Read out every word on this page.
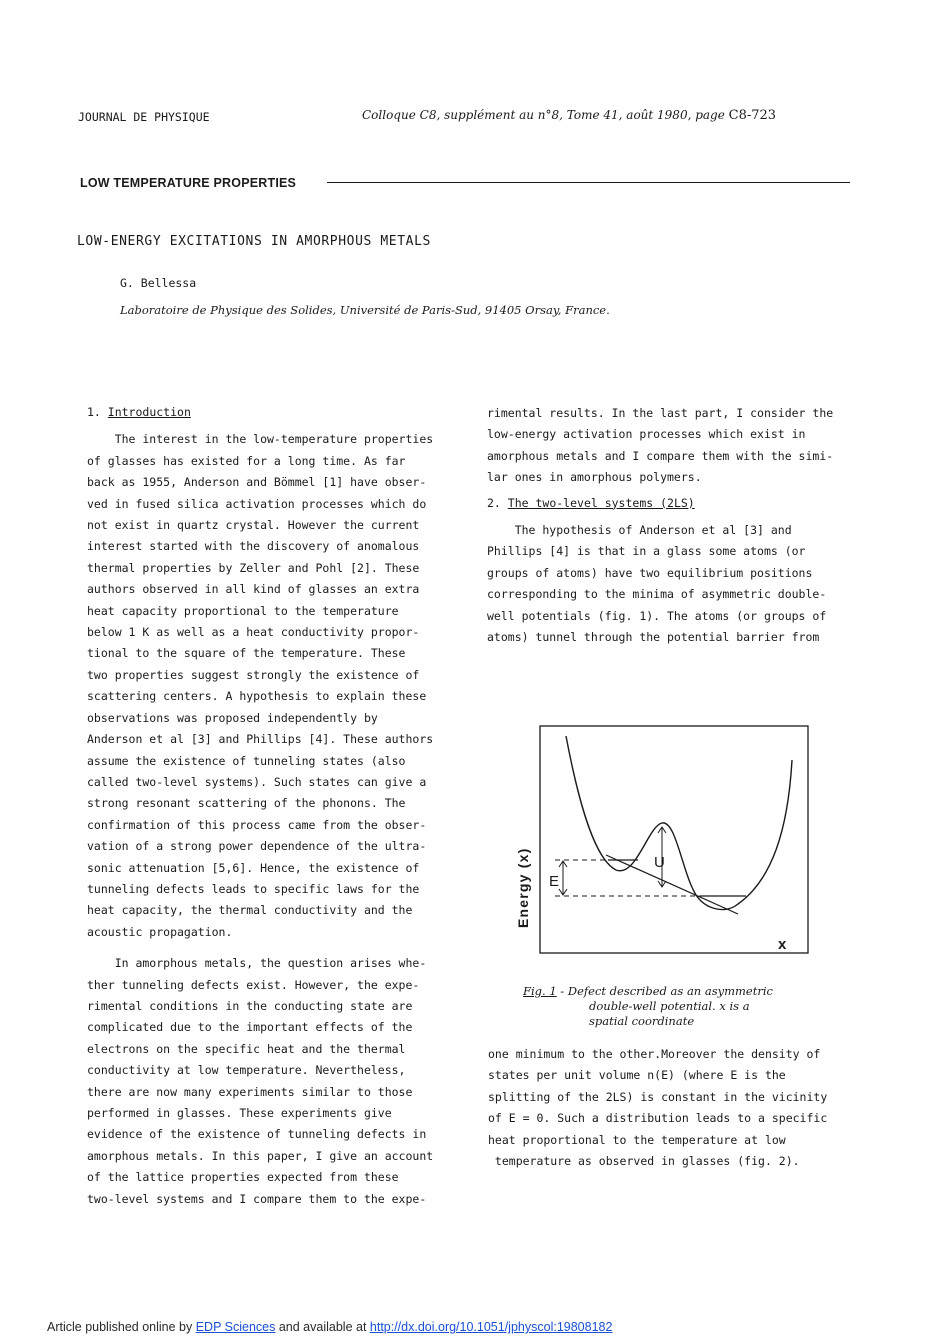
JOURNAL DE PHYSIQUE	Colloque C8, supplément au n°8, Tome 41, août 1980, page C8-723
LOW TEMPERATURE PROPERTIES
LOW-ENERGY EXCITATIONS IN AMORPHOUS METALS
G. Bellessa
Laboratoire de Physique des Solides, Université de Paris-Sud, 91405 Orsay, France.

1. Introduction

The interest in the low-temperature properties

of glasses has existed for a long time. As far

back as 1955, Anderson and Bömmel [1] have obser-

ved in fused silica activation processes which do

not exist in quartz crystal. However the current

interest started with the discovery of anomalous

thermal properties by Zeller and Pohl [2]. These

authors observed in all kind of glasses an extra

heat capacity proportional to the temperature

below 1 K as well as a heat conductivity propor-

tional to the square of the temperature. These

two properties suggest strongly the existence of

scattering centers. A hypothesis to explain these

observations was proposed independently by

Anderson et al [3] and Phillips [4]. These authors

assume the existence of tunneling states (also

called two-level systems). Such states can give a

strong resonant scattering of the phonons. The

confirmation of this process came from the obser-

vation of a strong power dependence of the ultra-

sonic attenuation [5,6]. Hence, the existence of

tunneling defects leads to specific laws for the

heat capacity, the thermal conductivity and the

acoustic propagation.

In amorphous metals, the question arises whe-

ther tunneling defects exist. However, the expe-

rimental conditions in the conducting state are

complicated due to the important effects of the

electrons on the specific heat and the thermal

conductivity at low temperature. Nevertheless,

there are now many experiments similar to those

performed in glasses. These experiments give

evidence of the existence of tunneling defects in

amorphous metals. In this paper, I give an account

of the lattice properties expected from these

two-level systems and I compare them to the expe-

rimental results. In the last part, I consider the

low-energy activation processes which exist in

amorphous metals and I compare them with the simi-

lar ones in amorphous polymers.

2. The two-level systems (2LS)

The hypothesis of Anderson et al [3] and

Phillips [4] is that in a glass some atoms (or

groups of atoms) have two equilibrium positions

corresponding to the minima of asymmetric double-

well potentials (fig. 1). The atoms (or groups of

atoms) tunnel through the potential barrier from

E
U
x
Energy (x)
Fig. 1 - Defect described as an asymmetric
double-well potential. x is a
spatial coordinate

one minimum to the other.Moreover the density of

states per unit volume n(E) (where E is the

splitting of the 2LS) is constant in the vicinity

of E = 0. Such a distribution leads to a specific

heat proportional to the temperature at low

temperature as observed in glasses (fig. 2).

Article published online by EDP Sciences and available at http://dx.doi.org/10.1051/jphyscol:19808182
